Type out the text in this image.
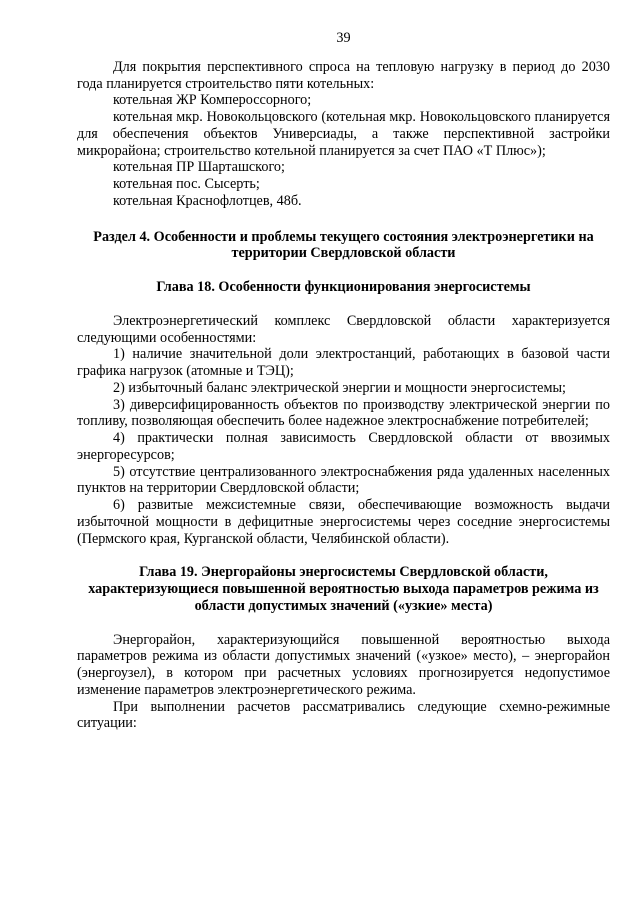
39

Для покрытия перспективного спроса на тепловую нагрузку в период до 2030 года планируется строительство пяти котельных:

котельная ЖР Компероссорного;

котельная мкр. Новокольцовского (котельная мкр. Новокольцовского планируется для обеспечения объектов Универсиады, а также перспективной застройки микрорайона; строительство котельной планируется за счет ПАО «Т Плюс»);

котельная ПР Шарташского;

котельная пос. Сысерть;

котельная Краснофлотцев, 48б.

Раздел 4. Особенности и проблемы текущего состояния электроэнергетики на территории Свердловской области

Глава 18. Особенности функционирования энергосистемы

Электроэнергетический комплекс Свердловской области характеризуется следующими особенностями:

1) наличие значительной доли электростанций, работающих в базовой части графика нагрузок (атомные и ТЭЦ);

2) избыточный баланс электрической энергии и мощности энергосистемы;

3) диверсифицированность объектов по производству электрической энергии по топливу, позволяющая обеспечить более надежное электроснабжение потребителей;

4) практически полная зависимость Свердловской области от ввозимых энергоресурсов;

5) отсутствие централизованного электроснабжения ряда удаленных населенных пунктов на территории Свердловской области;

6) развитые межсистемные связи, обеспечивающие возможность выдачи избыточной мощности в дефицитные энергосистемы через соседние энергосистемы (Пермского края, Курганской области, Челябинской области).

Глава 19. Энергорайоны энергосистемы Свердловской области, характеризующиеся повышенной вероятностью выхода параметров режима из области допустимых значений («узкие» места)

Энергорайон, характеризующийся повышенной вероятностью выхода параметров режима из области допустимых значений («узкое» место), – энергорайон (энергоузел), в котором при расчетных условиях прогнозируется недопустимое изменение параметров электроэнергетического режима.

При выполнении расчетов рассматривались следующие схемно-режимные ситуации:
